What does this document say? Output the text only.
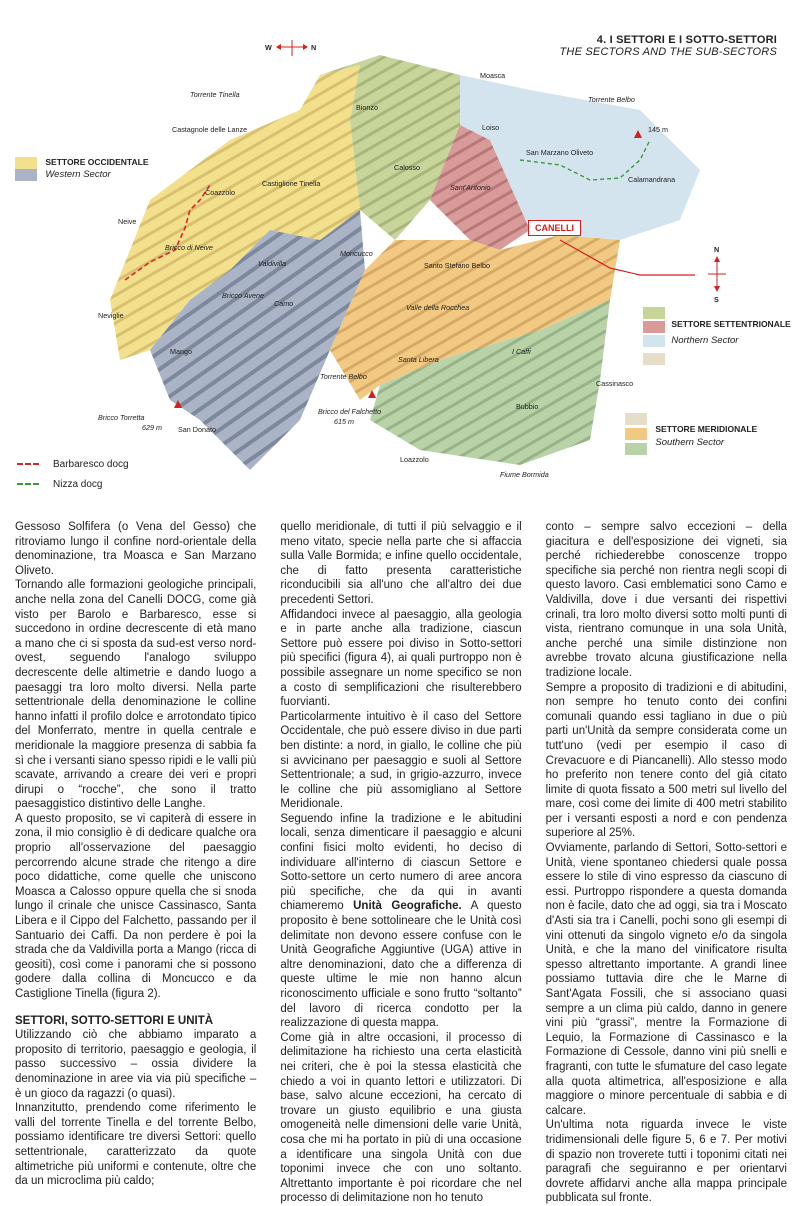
4. I SETTORI E I SOTTO-SETTORI
THE SECTORS AND THE SUB-SECTORS
W	N
N
S
Moasca
Torrente Belbo
145 m
Torrente Tinella
Castagnole delle Lanze
Bionzo
Loiso
San Marzano Oliveto
Calosso
Sant'Antonio
Calamandrana
Coazzolo
Castiglione Tinella
Neive
Bricco di Neive
Valdivilla
Moncucco
Santo Stefano Belbo
Bricco Avene
Camo
Neviglie
Valle della Rocchea
Mango
Torrente Belbo
Santa Libera
I Caffi
Cassinasco
Bricco Torretta
629 m San Donato
Bricco del Falchetto
615 m
Bubbio
Loazzolo
Fiume Bormida
CANELLI
SETTORE OCCIDENTALE
Western Sector
SETTORE SETTENTRIONALE
Northern Sector
SETTORE MERIDIONALE
Southern Sector
Barbaresco docg
Nizza docg

Gessoso Solfifera (o Vena del Gesso) che ritroviamo lungo il confine nord-orientale della denominazione, tra Moasca e San Marzano Oliveto.

Tornando alle formazioni geologiche principali, anche nella zona del Canelli DOCG, come già visto per Barolo e Barbaresco, esse si succedono in ordine decrescente di età mano a mano che ci si sposta da sud-est verso nord-ovest, seguendo l'analogo sviluppo decrescente delle altimetrie e dando luogo a paesaggi tra loro molto diversi. Nella parte settentrionale della denominazione le colline hanno infatti il profilo dolce e arrotondato tipico del Monferrato, mentre in quella centrale e meridionale la maggiore presenza di sabbia fa sì che i versanti siano spesso ripidi e le valli più scavate, arrivando a creare dei veri e propri dirupi o “rocche”, che sono il tratto paesaggistico distintivo delle Langhe.

A questo proposito, se vi capiterà di essere in zona, il mio consiglio è di dedicare qualche ora proprio all'osservazione del paesaggio percorrendo alcune strade che ritengo a dire poco didattiche, come quelle che uniscono Moasca a Calosso oppure quella che si snoda lungo il crinale che unisce Cassinasco, Santa Libera e il Cippo del Falchetto, passando per il Santuario dei Caffi. Da non perdere è poi la strada che da Valdivilla porta a Mango (ricca di geositi), così come i panorami che si possono godere dalla collina di Moncucco e da Castiglione Tinella (figura 2).

SETTORI, SOTTO-SETTORI E UNITÀ

Utilizzando ciò che abbiamo imparato a proposito di territorio, paesaggio e geologia, il passo successivo – ossia dividere la denominazione in aree via via più specifiche – è un gioco da ragazzi (o quasi).

Innanzitutto, prendendo come riferimento le valli del torrente Tinella e del torrente Belbo, possiamo identificare tre diversi Settori: quello settentrionale, caratterizzato da quote altimetriche più uniformi e contenute, oltre che da un microclima più caldo;

quello meridionale, di tutti il più selvaggio e il meno vitato, specie nella parte che si affaccia sulla Valle Bormida; e infine quello occidentale, che di fatto presenta caratteristiche riconducibili sia all'uno che all'altro dei due precedenti Settori.

Affidandoci invece al paesaggio, alla geologia e in parte anche alla tradizione, ciascun Settore può essere poi diviso in Sotto-settori più specifici (figura 4), ai quali purtroppo non è possibile assegnare un nome specifico se non a costo di semplificazioni che risulterebbero fuorvianti.

Particolarmente intuitivo è il caso del Settore Occidentale, che può essere diviso in due parti ben distinte: a nord, in giallo, le colline che più si avvicinano per paesaggio e suoli al Settore Settentrionale; a sud, in grigio-azzurro, invece le colline che più assomigliano al Settore Meridionale.

Seguendo infine la tradizione e le abitudini locali, senza dimenticare il paesaggio e alcuni confini fisici molto evidenti, ho deciso di individuare all'interno di ciascun Settore e Sotto-settore un certo numero di aree ancora più specifiche, che da qui in avanti chiameremo Unità Geografiche. A questo proposito è bene sottolineare che le Unità così delimitate non devono essere confuse con le Unità Geografiche Aggiuntive (UGA) attive in altre denominazioni, dato che a differenza di queste ultime le mie non hanno alcun riconoscimento ufficiale e sono frutto “soltanto” del lavoro di ricerca condotto per la realizzazione di questa mappa.

Come già in altre occasioni, il processo di delimitazione ha richiesto una certa elasticità nei criteri, che è poi la stessa elasticità che chiedo a voi in quanto lettori e utilizzatori. Di base, salvo alcune eccezioni, ha cercato di trovare un giusto equilibrio e una giusta omogeneità nelle dimensioni delle varie Unità, cosa che mi ha portato in più di una occasione a identificare una singola Unità con due toponimi invece che con uno soltanto. Altrettanto importante è poi ricordare che nel processo di delimitazione non ho tenuto

conto – sempre salvo eccezioni – della giacitura e dell'esposizione dei vigneti, sia perché richiederebbe conoscenze troppo specifiche sia perché non rientra negli scopi di questo lavoro. Casi emblematici sono Camo e Valdivilla, dove i due versanti dei rispettivi crinali, tra loro molto diversi sotto molti punti di vista, rientrano comunque in una sola Unità, anche perché una simile distinzione non avrebbe trovato alcuna giustificazione nella tradizione locale.

Sempre a proposito di tradizioni e di abitudini, non sempre ho tenuto conto dei confini comunali quando essi tagliano in due o più parti un'Unità da sempre considerata come un tutt'uno (vedi per esempio il caso di Crevacuore e di Piancanelli). Allo stesso modo ho preferito non tenere conto del già citato limite di quota fissato a 500 metri sul livello del mare, così come dei limite di 400 metri stabilito per i versanti esposti a nord e con pendenza superiore al 25%.

Ovviamente, parlando di Settori, Sotto-settori e Unità, viene spontaneo chiedersi quale possa essere lo stile di vino espresso da ciascuno di essi. Purtroppo rispondere a questa domanda non è facile, dato che ad oggi, sia tra i Moscato d'Asti sia tra i Canelli, pochi sono gli esempi di vini ottenuti da singolo vigneto e/o da singola Unità, e che la mano del vinificatore risulta spesso altrettanto importante. A grandi linee possiamo tuttavia dire che le Marne di Sant'Agata Fossili, che si associano quasi sempre a un clima più caldo, danno in genere vini più “grassi”, mentre la Formazione di Lequio, la Formazione di Cassinasco e la Formazione di Cessole, danno vini più snelli e fragranti, con tutte le sfumature del caso legate alla quota altimetrica, all'esposizione e alla maggiore o minore percentuale di sabbia e di calcare.

Un'ultima nota riguarda invece le viste tridimensionali delle figure 5, 6 e 7. Per motivi di spazio non troverete tutti i toponimi citati nei paragrafi che seguiranno e per orientarvi dovrete affidarvi anche alla mappa principale pubblicata sul fronte.
